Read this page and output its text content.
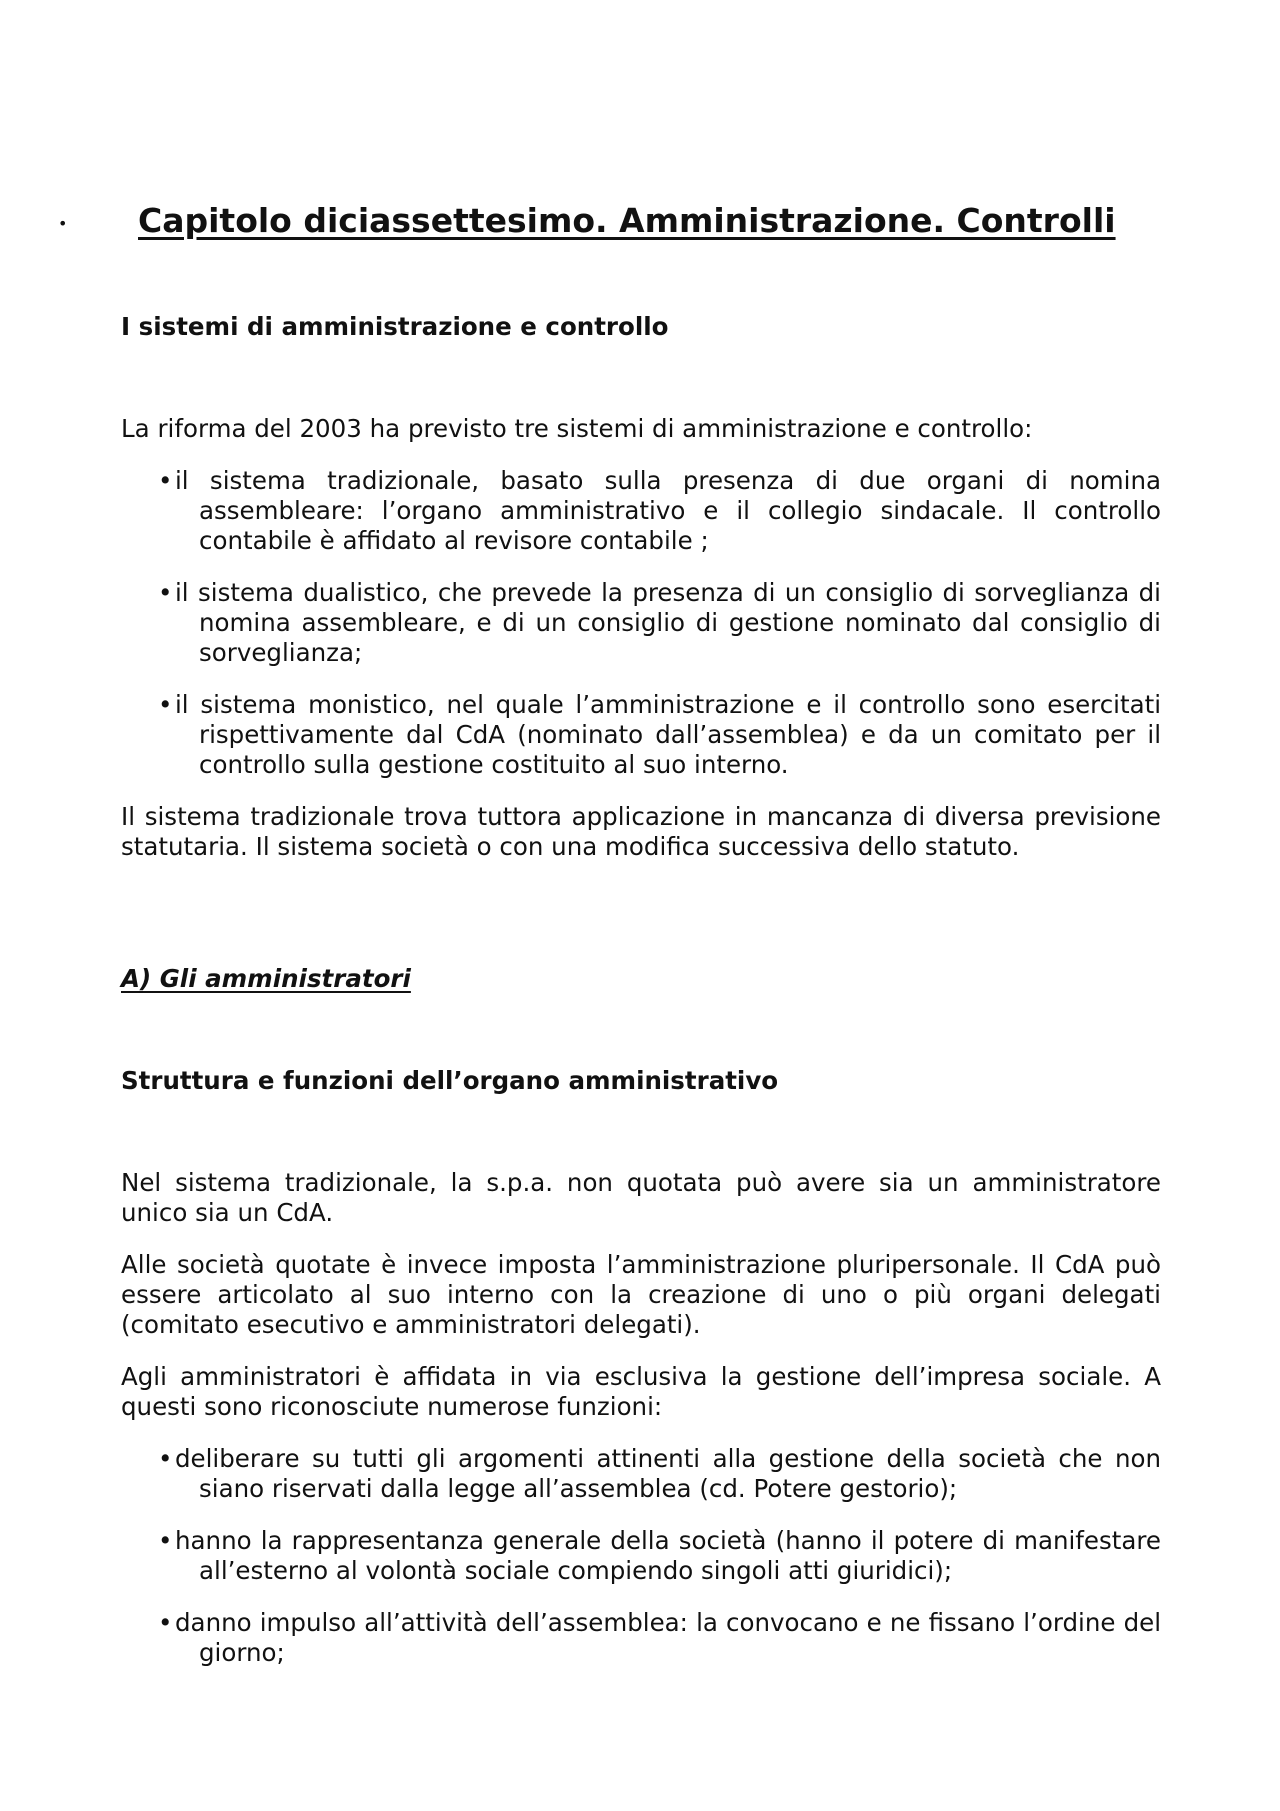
• Capitolo diciassettesimo. Amministrazione. Controlli

I sistemi di amministrazione e controllo

La riforma del 2003 ha previsto tre sistemi di amministrazione e controllo:

• il sistema tradizionale, basato sulla presenza di due organi di nomina assembleare: l’organo amministrativo e il collegio sindacale. Il controllo contabile è affidato al revisore contabile ;
• il sistema dualistico, che prevede la presenza di un consiglio di sorveglianza di nomina assembleare, e di un consiglio di gestione nominato dal consiglio di sorveglianza;
• il sistema monistico, nel quale l’amministrazione e il controllo sono esercitati rispettivamente dal CdA (nominato dall’assemblea) e da un comitato per il controllo sulla gestione costituito al suo interno.

Il sistema tradizionale trova tuttora applicazione in mancanza di diversa previsione statutaria. Il sistema società o con una modifica successiva dello statuto.

A) Gli amministratori

Struttura e funzioni dell’organo amministrativo

Nel sistema tradizionale, la s.p.a. non quotata può avere sia un amministratore unico sia un CdA.

Alle società quotate è invece imposta l’amministrazione pluripersonale. Il CdA può essere articolato al suo interno con la creazione di uno o più organi delegati (comitato esecutivo e amministratori delegati).

Agli amministratori è affidata in via esclusiva la gestione dell’impresa sociale. A questi sono riconosciute numerose funzioni:

• deliberare su tutti gli argomenti attinenti alla gestione della società che non siano riservati dalla legge all’assemblea (cd. Potere gestorio);
• hanno la rappresentanza generale della società (hanno il potere di manifestare all’esterno al volontà sociale compiendo singoli atti giuridici);
• danno impulso all’attività dell’assemblea: la convocano e ne fissano l’ordine del giorno;
